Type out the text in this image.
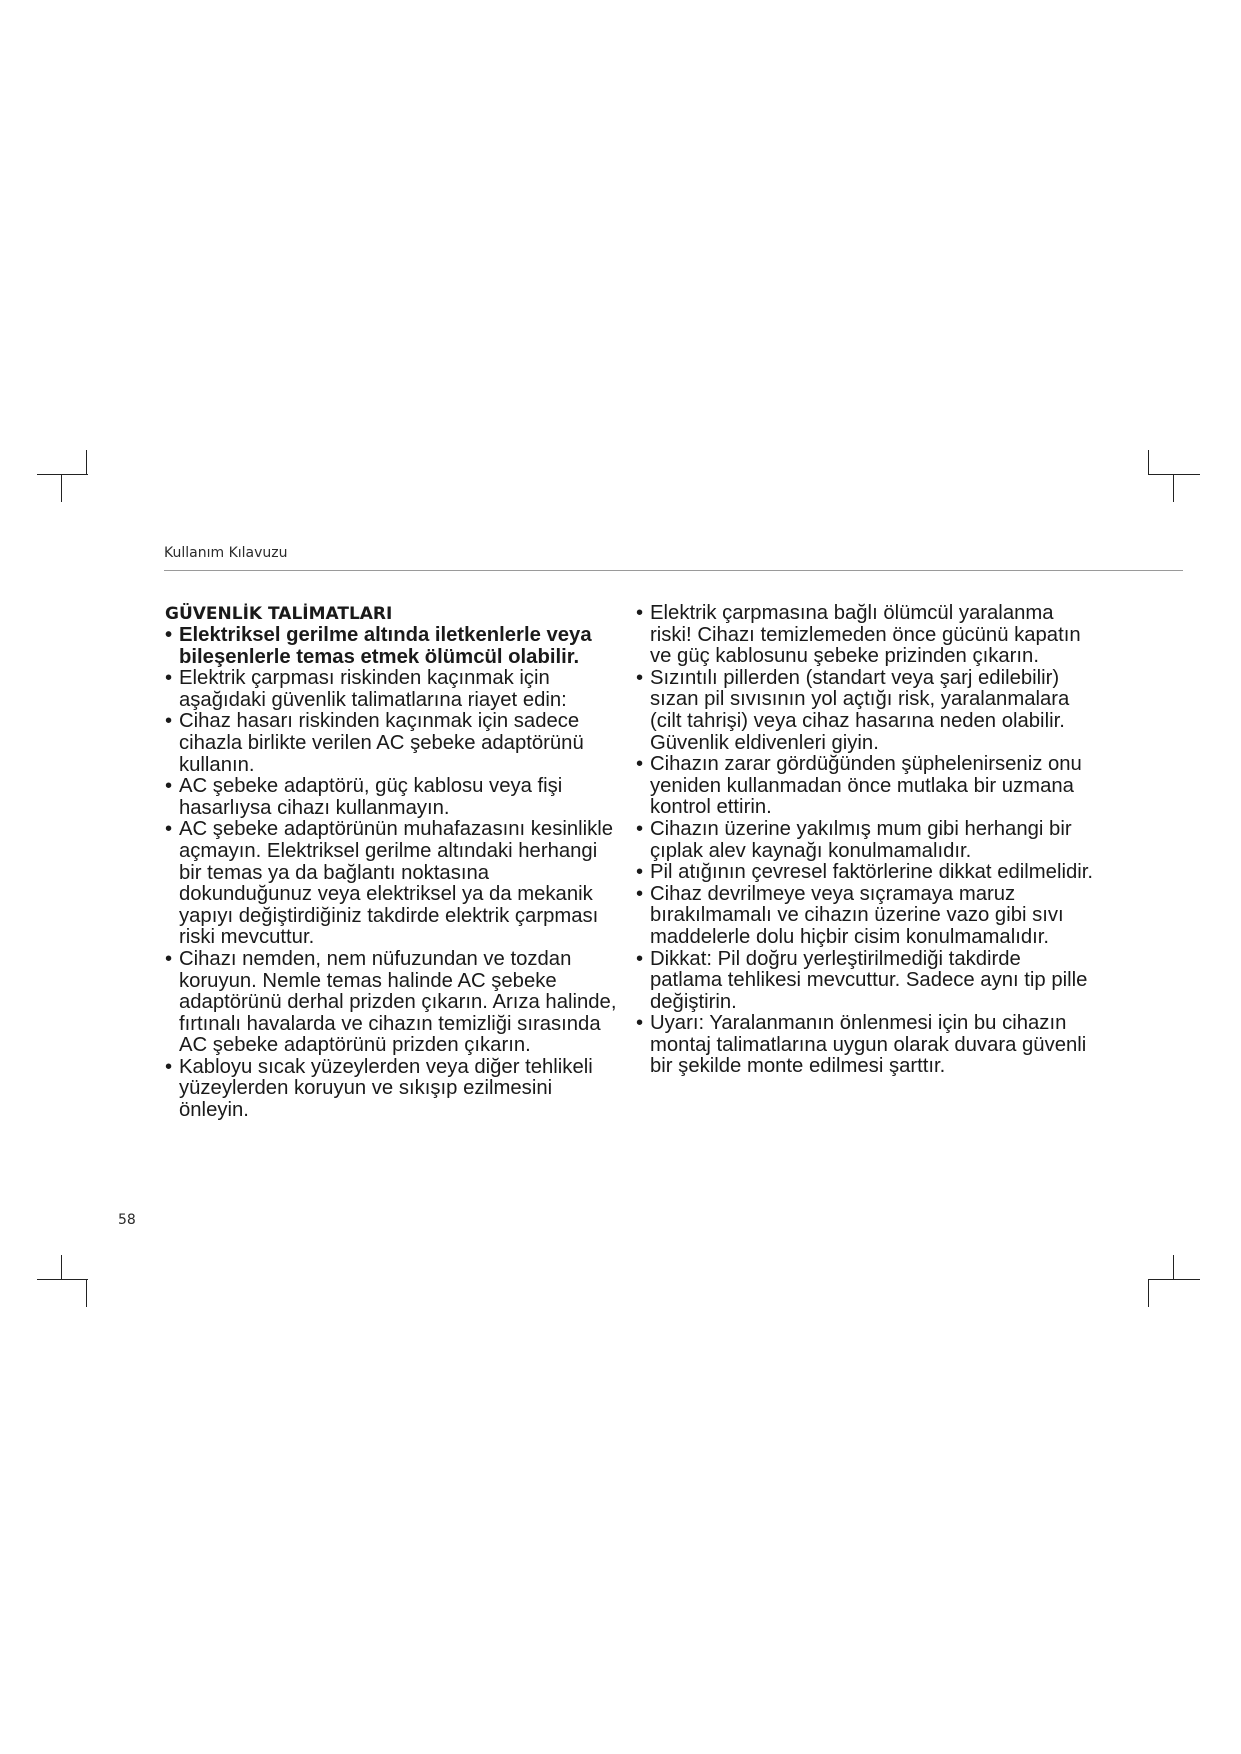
Kullanım Kılavuzu
GÜVENLİK TALİMATLARI
• Elektriksel gerilme altında iletkenlerle veya bileşenlerle temas etmek ölümcül olabilir.
• Elektrik çarpması riskinden kaçınmak için aşağıdaki güvenlik talimatlarına riayet edin:
• Cihaz hasarı riskinden kaçınmak için sadece cihazla birlikte verilen AC şebeke adaptörünü kullanın.
• AC şebeke adaptörü, güç kablosu veya fişi hasarlıysa cihazı kullanmayın.
• AC şebeke adaptörünün muhafazasını kesinlikle açmayın. Elektriksel gerilme altındaki herhangi bir temas ya da bağlantı noktasına dokunduğunuz veya elektriksel ya da mekanik yapıyı değiştirdiğiniz takdirde elektrik çarpması riski mevcuttur.
• Cihazı nemden, nem nüfuzundan ve tozdan koruyun. Nemle temas halinde AC şebeke adaptörünü derhal prizden çıkarın. Arıza halinde, fırtınalı havalarda ve cihazın temizliği sırasında AC şebeke adaptörünü prizden çıkarın.
• Kabloyu sıcak yüzeylerden veya diğer tehlikeli yüzeylerden koruyun ve sıkışıp ezilmesini önleyin.
• Elektrik çarpmasına bağlı ölümcül yaralanma riski! Cihazı temizlemeden önce gücünü kapatın ve güç kablosunu şebeke prizinden çıkarın.
• Sızıntılı pillerden (standart veya şarj edilebilir) sızan pil sıvısının yol açtığı risk, yaralanmalara (cilt tahrişi) veya cihaz hasarına neden olabilir. Güvenlik eldivenleri giyin.
• Cihazın zarar gördüğünden şüphelenirseniz onu yeniden kullanmadan önce mutlaka bir uzmana kontrol ettirin.
• Cihazın üzerine yakılmış mum gibi herhangi bir çıplak alev kaynağı konulmamalıdır.
• Pil atığının çevresel faktörlerine dikkat edilmelidir.
• Cihaz devrilmeye veya sıçramaya maruz bırakılmamalı ve cihazın üzerine vazo gibi sıvı maddelerle dolu hiçbir cisim konulmamalıdır.
• Dikkat: Pil doğru yerleştirilmediği takdirde patlama tehlikesi mevcuttur. Sadece aynı tip pille değiştirin.
• Uyarı: Yaralanmanın önlenmesi için bu cihazın montaj talimatlarına uygun olarak duvara güvenli bir şekilde monte edilmesi şarttır.
58
